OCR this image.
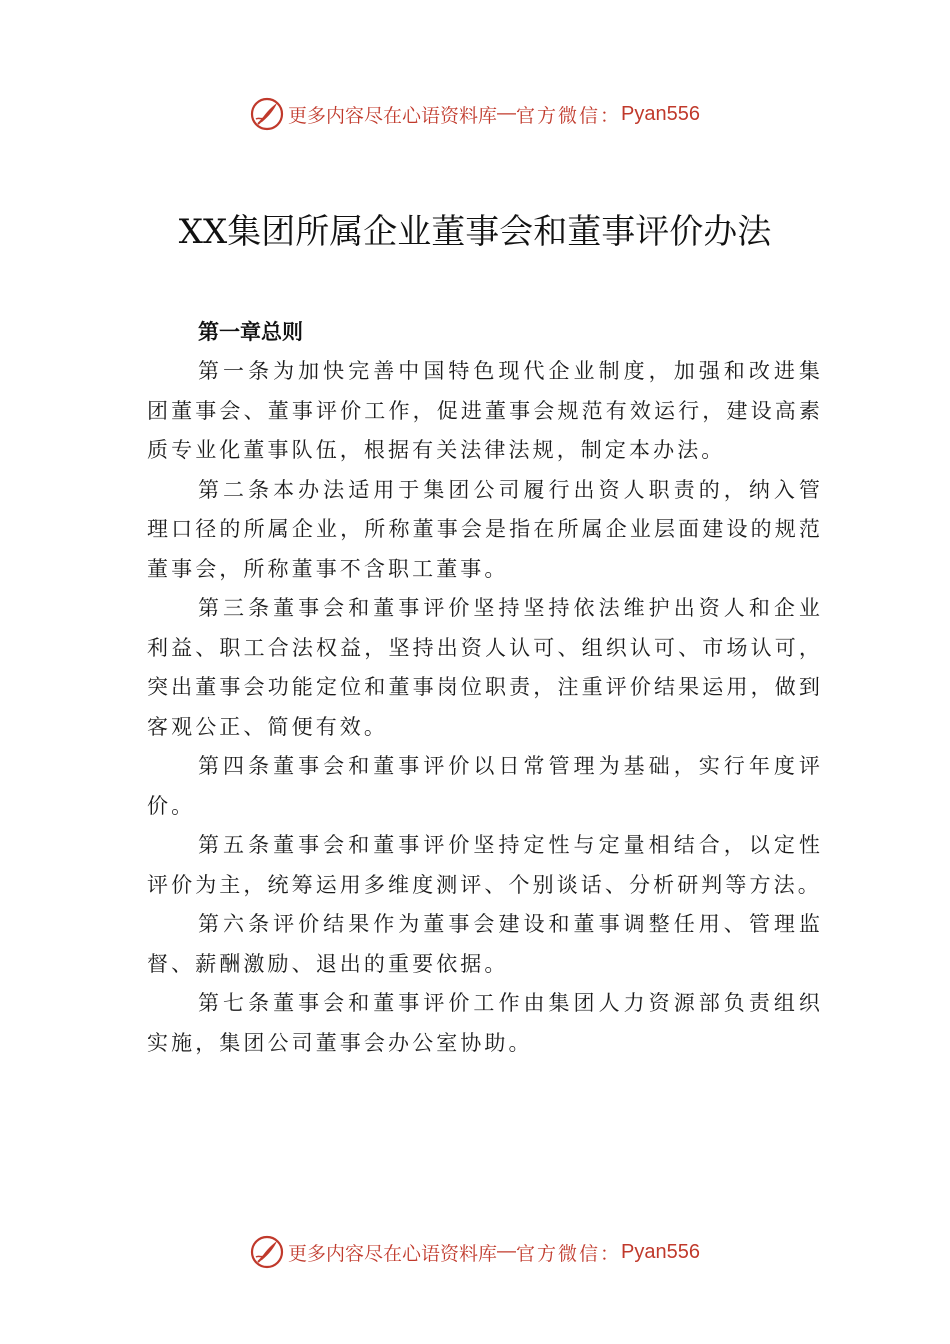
更多内容尽在心语资料库 — 官方微信： Pyan556
XX集团所属企业董事会和董事评价办法

第一章总则

第一条为加快完善中国特色现代企业制度，加强和改进集团董事会、董事评价工作，促进董事会规范有效运行，建设高素质专业化董事队伍，根据有关法律法规，制定本办法。

第二条本办法适用于集团公司履行出资人职责的，纳入管理口径的所属企业，所称董事会是指在所属企业层面建设的规范董事会，所称董事不含职工董事。

第三条董事会和董事评价坚持坚持依法维护出资人和企业利益、职工合法权益，坚持出资人认可、组织认可、市场认可，突出董事会功能定位和董事岗位职责，注重评价结果运用，做到客观公正、简便有效。

第四条董事会和董事评价以日常管理为基础，实行年度评价。

第五条董事会和董事评价坚持定性与定量相结合，以定性评价为主，统筹运用多维度测评、个别谈话、分析研判等方法。

第六条评价结果作为董事会建设和董事调整任用、管理监督、薪酬激励、退出的重要依据。

第七条董事会和董事评价工作由集团人力资源部负责组织实施，集团公司董事会办公室协助。

更多内容尽在心语资料库 — 官方微信： Pyan556
